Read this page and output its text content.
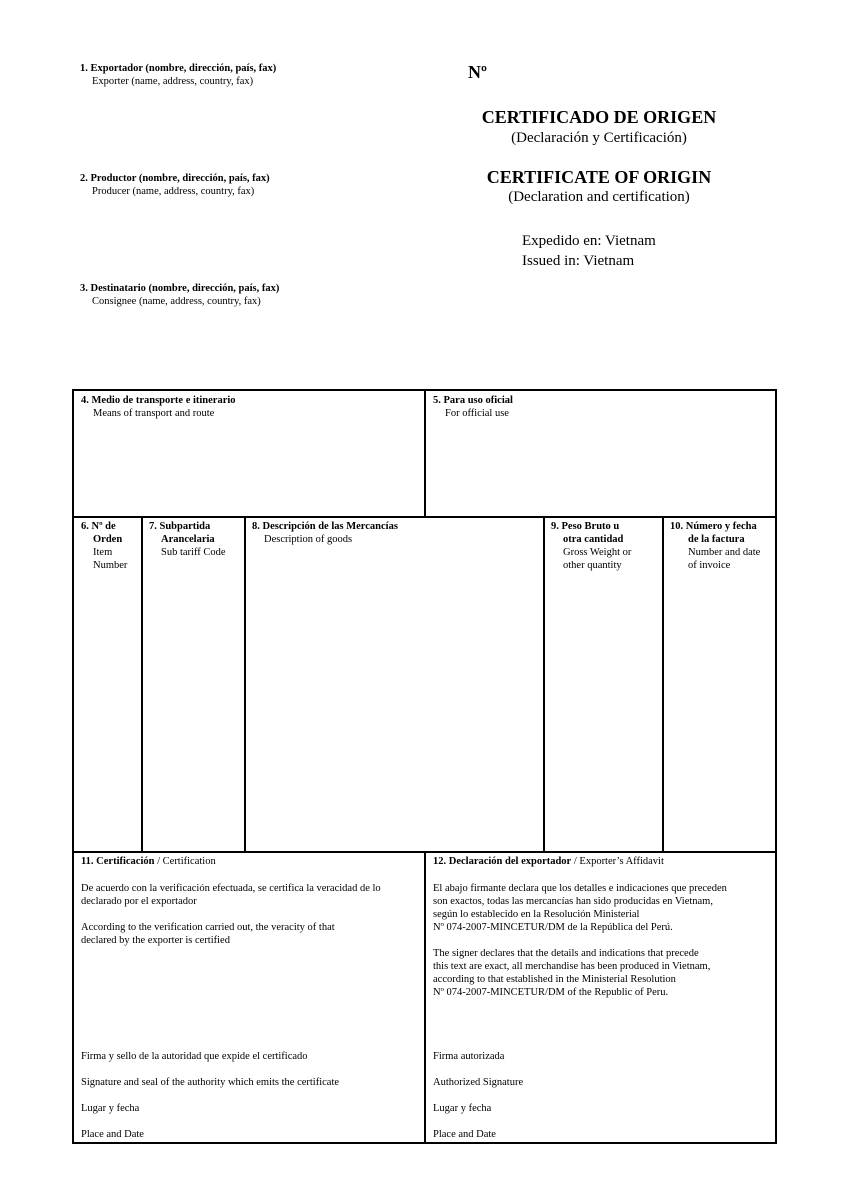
1. Exportador (nombre, dirección, país, fax)
Exporter (name, address, country, fax)
2. Productor (nombre, dirección, país, fax)
Producer (name, address, country, fax)
3. Destinatario (nombre, dirección, país, fax)
Consignee (name, address, country, fax)
Nº
CERTIFICADO DE ORIGEN
(Declaración y Certificación)
CERTIFICATE OF ORIGIN
(Declaration and certification)
Expedido en: Vietnam
Issued in: Vietnam
4. Medio de transporte e itinerario
Means of transport and route
5. Para uso oficial
For official use
6. Nº de
Orden
Item
Number
7. Subpartida
Arancelaria
Sub tariff Code
8. Descripción de las Mercancías
Description of goods
9. Peso Bruto u
otra cantidad
Gross Weight or
other quantity
10. Número y fecha
de la factura
Number and date
of invoice
11. Certificación / Certification
De acuerdo con la verificación efectuada, se certifica la veracidad de lo
declarado por el exportador
According to the verification carried out, the veracity of that
declared by the exporter is certified
Firma y sello de la autoridad que expide el certificado
Signature and seal of the authority which emits the certificate
Lugar y fecha
Place and Date
12. Declaración del exportador / Exporter’s Affidavit
El abajo firmante declara que los detalles e indicaciones que preceden
son exactos, todas las mercancías han sido producidas en Vietnam,
según lo establecido en la Resolución Ministerial
Nº 074-2007-MINCETUR/DM de la República del Perú.
The signer declares that the details and indications that precede
this text are exact, all merchandise has been produced in Vietnam,
according to that established in the Ministerial Resolution
Nº 074-2007-MINCETUR/DM of the Republic of Peru.
Firma autorizada
Authorized Signature
Lugar y fecha
Place and Date
